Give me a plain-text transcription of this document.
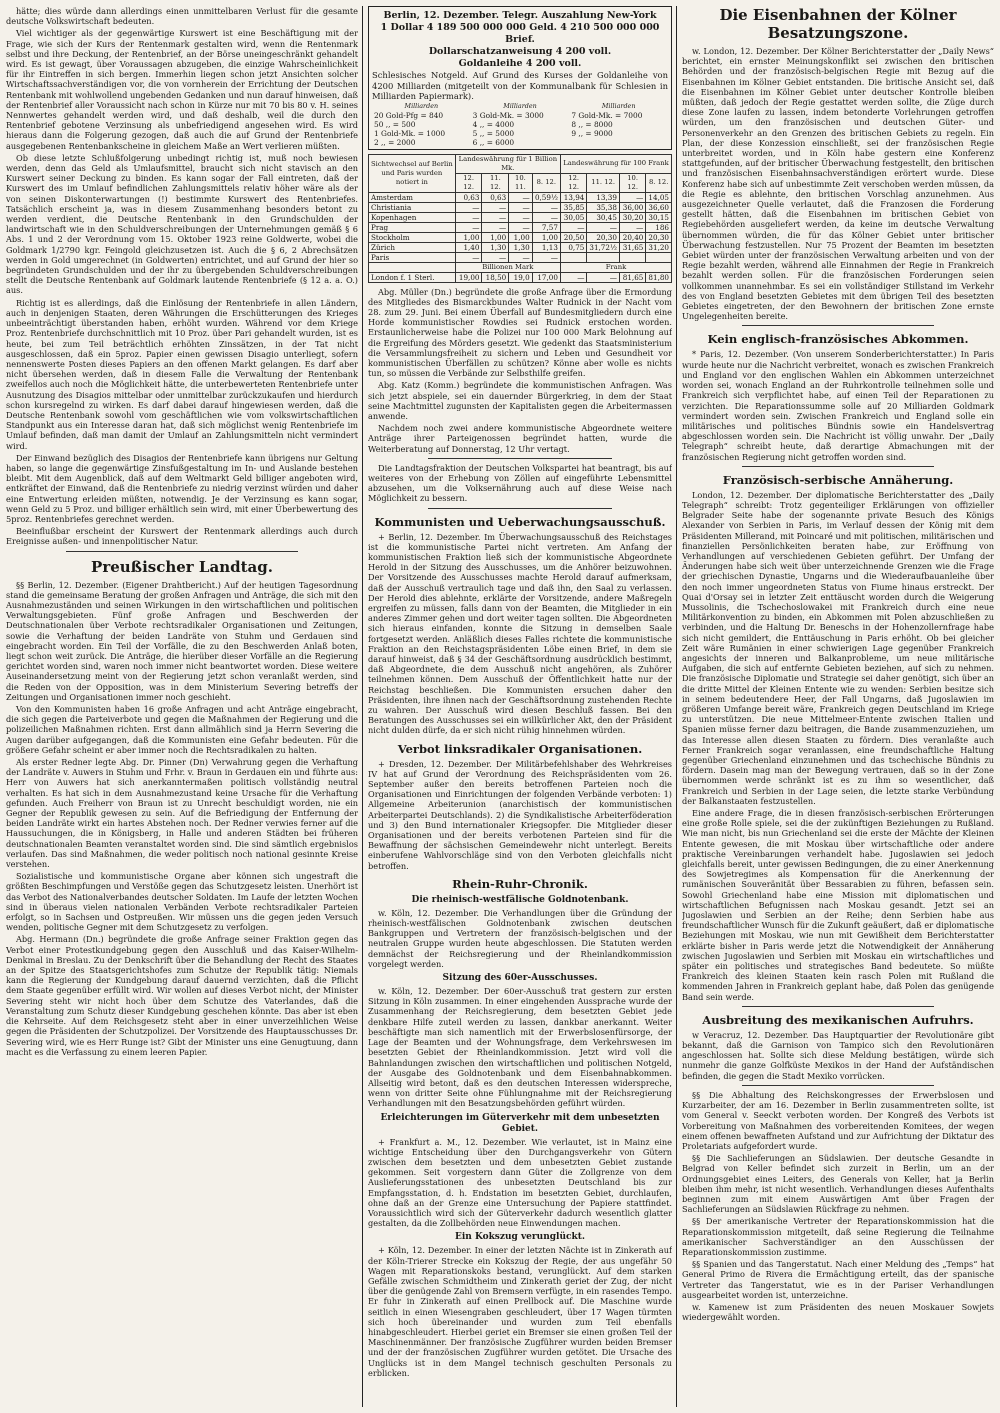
hätte; dies würde dann allerdings einen unmittelbaren Verlust für die gesamte deutsche Volkswirtschaft bedeuten.

Viel wichtiger als der gegenwärtige Kurswert ist eine Beschäftigung mit der Frage, wie sich der Kurs der Rentenmark gestalten wird, wenn die Rentenmark selbst und ihre Deckung, der Rentenbrief, an der Börse uneingeschränkt gehandelt wird. Es ist gewagt, über Voraussagen abzugeben, die einzige Wahrscheinlichkeit für ihr Eintreffen in sich bergen. Immerhin liegen schon jetzt Ansichten solcher Wirtschaftssachverständigen vor, die von vornherein der Errichtung der Deutschen Rentenbank mit wohlwollend ungebenden Gedanken und nun darauf hinweisen, daß der Rentenbrief aller Voraussicht nach schon in Kürze nur mit 70 bis 80 v. H. seines Nennwertes gehandelt werden wird, und daß deshalb, weil die durch den Rentenbrief gebotene Verzinsung als unbefriedigend angesehen wird. Es wird hieraus dann die Folgerung gezogen, daß auch die auf Grund der Rentenbriefe ausgegebenen Rentenbankscheine in gleichem Maße an Wert verlieren müßten.

Ob diese letzte Schlußfolgerung unbedingt richtig ist, muß noch bewiesen werden, denn das Geld als Umlaufsmittel, braucht sich nicht stavisch an den Kurswert seiner Deckung zu binden. Es kann sogar der Fall eintreten, daß der Kurswert des im Umlauf befindlichen Zahlungsmittels relativ höher wäre als der von seinen Diskonterwartungen (!) bestimmte Kurswert des Rentenbriefes. Tatsächlich erscheint ja, was in diesem Zusammenhang besonders betont zu werden verdient, die Deutsche Rentenbank in den Grundschulden der landwirtschaft wie in den Schuldverschreibungen der Unternehmungen gemäß § 6 Abs. 1 und 2 der Verordnung vom 15. Oktober 1923 reine Goldwerte, wobei die Goldmark 1/2790 kgr. Feingold gleichzusetzen ist. Auch die § 6, 2 Abrechsätzen werden in Gold umgerechnet (in Goldwerten) entrichtet, und auf Grund der hier so begründeten Grundschulden und der ihr zu übergebenden Schuldverschreibungen stellt die Deutsche Rentenbank auf Goldmark lautende Rentenbriefe (§ 12 a. a. O.) aus.

Richtig ist es allerdings, daß die Einlösung der Rentenbriefe in allen Ländern, auch in denjenigen Staaten, deren Währungen die Erschütterungen des Krieges unbeeinträchtigt überstanden haben, erhöht wurden. Während vor dem Kriege Proz. Rentenbriefe durchschnittlich mit 10 Proz. über Pari gehandelt wurden, ist es heute, bei zum Teil beträchtlich erhöhten Zinssätzen, in der Tat nicht ausgeschlossen, daß ein 5proz. Papier einen gewissen Disagio unterliegt, sofern nennenswerte Posten dieses Papiers an den offenen Markt gelangen. Es darf aber nicht übersehen werden, daß in diesem Falle die Verwaltung der Rentenbank zweifellos auch noch die Möglichkeit hätte, die unterbewerteten Rentenbriefe unter Ausnutzung des Disagios mittelbar oder unmittelbar zurückzukaufen und hierdurch schon kursregelnd zu wirken. Es darf dabei darauf hingewiesen werden, daß die Deutsche Rentenbank sowohl vom geschäftlichen wie vom volkswirtschaftlichen Standpunkt aus ein Interesse daran hat, daß sich möglichst wenig Rentenbriefe im Umlauf befinden, daß man damit der Umlauf an Zahlungsmitteln nicht vermindert wird.

Der Einwand bezüglich des Disagios der Rentenbriefe kann übrigens nur Geltung haben, so lange die gegenwärtige Zinsfußgestaltung im In- und Auslande bestehen bleibt. Mit dem Augenblick, daß auf dem Weltmarkt Geld billiger angeboten wird, entkräftet der Einwand, daß die Rentenbriefe zu niedrig verzinst würden und daher eine Entwertung erleiden müßten, notwendig. Je der Verzinsung es kann sogar, wenn Geld zu 5 Proz. und billiger erhältlich sein wird, mit einer Überbewertung des 5proz. Rentenbriefes gerechnet werden.

Beeinflußbar erscheint der Kurswert der Rentenmark allerdings auch durch Ereignisse außen- und innenpolitischer Natur.

Preußischer Landtag.

§§ Berlin, 12. Dezember. (Eigener Drahtbericht.) Auf der heutigen Tagesordnung stand die gemeinsame Beratung der großen Anfragen und Anträge, die sich mit den Ausnahmezuständen und seinen Wirkungen in den wirtschaftlichen und politischen Verwaltungsgebieten. Fünf große Anfragen und Beschwerden der Deutschnationalen über Verbote rechtsradikaler Organisationen und Zeitungen, sowie die Verhaftung der beiden Landräte von Stuhm und Gerdauen sind eingebracht worden. Ein Teil der Vorfälle, die zu den Beschwerden Anlaß boten, liegt schon weit zurück. Die Anträge, die hierüber dieser Vorfälle an die Regierung gerichtet worden sind, waren noch immer nicht beantwortet worden. Diese weitere Auseinandersetzung meint von der Regierung jetzt schon veranlaßt werden, sind die Reden von der Opposition, was in dem Ministerium Severing betreffs der Zeitungen und Organisationen immer noch geschieht.

Von den Kommunisten haben 16 große Anfragen und acht Anträge eingebracht, die sich gegen die Parteiverbote und gegen die Maßnahmen der Regierung und die polizeilichen Maßnahmen richten. Erst dann allmählich sind ja Herrn Severing die Augen darüber aufgegangen, daß die Kommunisten eine Gefahr bedeuten. Für die größere Gefahr scheint er aber immer noch die Rechtsradikalen zu halten.

Als erster Redner legte Abg. Dr. Pinner (Dn) Verwahrung gegen die Verhaftung der Landräte v. Auwers in Stuhm und Frhr. v. Braun in Gerdauen ein und führte aus: Herr von Auwers hat sich anerkanntermaßen politisch vollständig neutral verhalten. Es hat sich in dem Ausnahmezustand keine Ursache für die Verhaftung gefunden. Auch Freiherr von Braun ist zu Unrecht beschuldigt worden, nie ein Gegner der Republik gewesen zu sein. Auf die Befriedigung der Entfernung der beiden Landräte wirkt ein hartes Abstehen noch. Der Redner verwies ferner auf die Haussuchungen, die in Königsberg, in Halle und anderen Städten bei früheren deutschnationalen Beamten veranstaltet worden sind. Die sind sämtlich ergebnislos verlaufen. Das sind Maßnahmen, die weder politisch noch national gesinnte Kreise verstehen.

Sozialistische und kommunistische Organe aber können sich ungestraft die größten Beschimpfungen und Verstöße gegen das Schutzgesetz leisten. Unerhört ist das Verbot des Nationalverbandes deutscher Soldaten. Im Laufe der letzten Wochen sind in überaus vielen nationalen Verbänden Verbote rechtsradikaler Parteien erfolgt, so in Sachsen und Ostpreußen. Wir müssen uns die gegen jeden Versuch wenden, politische Gegner mit dem Schutzgesetz zu verfolgen.

Abg. Hermann (Dn.) begründete die große Anfrage seiner Fraktion gegen das Verbot einer Protestkundgebung gegen den Ausschluß und das Kaiser-Wilhelm-Denkmal in Breslau. Zu der Denkschrift über die Behandlung der Recht des Staates an der Spitze des Staatsgerichtshofes zum Schutze der Republik tätig: Niemals kann die Regierung der Kundgebung darauf dauernd verzichten, daß die Pflicht dem Staate gegenüber erfüllt wird. Wir wollen auf dieses Verbot nicht, der Minister Severing steht wir nicht hoch über dem Schutze des Vaterlandes, daß die Veranstaltung zum Schutz dieser Kundgebung geschehen könnte. Das aber ist eben die Kehrseite. Auf dem Reichsgesetz steht aber in einer unverzeihlichen Weise gegen die Präsidenten der Schutzpolizei. Der Vorsitzende des Hauptausschusses Dr. Severing wird, wie es Herr Runge ist? Gibt der Minister uns eine Genugtuung, dann macht es die Verfassung zu einem leeren Papier.

Berlin, 12. Dezember. Telegr. Auszahlung New-York

1 Dollar 4 189 500 000 000 Geld. 4 210 500 000 000 Brief.

Dollarschatzanweisung 4 200 voll.

Goldanleihe 4 200 voll.

Schlesisches Notgeld. Auf Grund des Kurses der Goldanleihe von 4200 Milliarden (mitgeteilt von der Kommunalbank für Schlesien in Milliarden Papiermark).

Milliarden	Milliarden	Milliarden
20 Gold-Pfg = 840	3 Gold-Mk. = 3000	7 Gold-Mk. = 7000
50 ,, = 500	4 ,, = 4000	8 ,, = 8000
1 Gold-Mk. = 1000	5 ,, = 5000	9 ,, = 9000
2 ,, = 2000	6 ,, = 6000	
Sichtwechsel auf Berlin und Paris wurden notiert in	Landeswährung für 1 Billion Mk.				Landeswährung für 100 Frank			
	12. 12.	11. 12.	10. 11.	8. 12.	12. 12.	11. 12.	10. 12.	8. 12.
Amsterdam	0,63	0,63	—	0,59½	13,94	13,39	—	14,05
Christiania	—	—	—	—	35,85	35,38	36,00	36,60
Kopenhagen	—	—	—	—	30,05	30,45	30,20	30,15
Prag	—	—	—	7,57	—	—	—	186
Stockholm	1,00	1,00	1,00	1,00	20,50	20,30	20,40	20,30
Zürich	1,40	1,30	1,30	1,13	0,75	31,72½	31,65	31,20
Paris	—	—	—	—				
	Billionen Mark				Frank			
London f. 1 Sterl.	19,00	18,50	19,0	17,00	—	—	81,65	81,80

Abg. Müller (Dn.) begründete die große Anfrage über die Ermordung des Mitgliedes des Bismarckbundes Walter Rudnick in der Nacht vom 28. zum 29. Juni. Bei einem Überfall auf Bundesmitgliedern durch eine Horde kommunistischer Rowdies sei Rudnick erstochen worden. Erstaunlicherweise habe die Polizei nur 100 000 Mark Belohnung auf die Ergreifung des Mörders gesetzt. Wie gedenkt das Staatsministerium die Versammlungsfreiheit zu sichern und Leben und Gesundheit vor kommunistischen Überfällen zu schützen? Könne aber wolle es nichts tun, so müssen die Verbände zur Selbsthilfe greifen.

Abg. Katz (Komm.) begründete die kommunistischen Anfragen. Was sich jetzt abspiele, sei ein dauernder Bürgerkrieg, in dem der Staat seine Machtmittel zugunsten der Kapitalisten gegen die Arbeitermassen anwende.

Nachdem noch zwei andere kommunistische Abgeordnete weitere Anträge ihrer Parteigenossen begründet hatten, wurde die Weiterberatung auf Donnerstag, 12 Uhr vertagt.

Die Landtagsfraktion der Deutschen Volkspartei hat beantragt, bis auf weiteres von der Erhebung von Zöllen auf eingeführte Lebensmittel abzusehen, um die Volksernährung auch auf diese Weise nach Möglichkeit zu bessern.

Kommunisten und Ueberwachungsausschuß.

+ Berlin, 12. Dezember. Im Überwachungsausschuß des Reichstages ist die kommunistische Partei nicht vertreten. Am Anfang der kommunistischen Fraktion ließ sich der kommunistische Abgeordnete Herold in der Sitzung des Ausschusses, um die Anhörer beizuwohnen. Der Vorsitzende des Ausschusses machte Herold darauf aufmerksam, daß der Ausschuß vertraulich tage und daß ihn, den Saal zu verlassen. Der Herold dies ablehnte, erklärte der Vorsitzende, andere Maßregeln ergreifen zu müssen, falls dann von der Beamten, die Mitglieder in ein anderes Zimmer gehen und dort weiter tagen sollten. Die Abgeordneten sich hieraus einfanden, konnte die Sitzung in demselben Saale fortgesetzt werden. Anläßlich dieses Falles richtete die kommunistische Fraktion an den Reichstagspräsidenten Löbe einen Brief, in dem sie darauf hinweist, daß § 34 der Geschäftsordnung ausdrücklich bestimmt, daß Abgeordnete, die dem Ausschuß nicht angehören, als Zuhörer teilnehmen können. Dem Ausschuß der Öffentlichkeit hatte nur der Reichstag beschließen. Die Kommunisten ersuchen daher den Präsidenten, ihre ihnen nach der Geschäftsordnung zustehenden Rechte zu wahren. Der Ausschuß wird diesen Beschluß fassen. Bei den Beratungen des Ausschusses sei ein willkürlicher Akt, den der Präsident nicht dulden dürfe, da er sich nicht rühig hinnehmen würden.

Verbot linksradikaler Organisationen.

+ Dresden, 12. Dezember. Der Militärbefehlshaber des Wehrkreises IV hat auf Grund der Verordnung des Reichspräsidenten vom 26. September außer den bereits betroffenen Parteien noch die Organisationen und Einrichtungen der folgenden Verbände verboten: 1) Allgemeine Arbeiterunion (anarchistisch der kommunistischen Arbeiterpartei Deutschlands). 2) die Syndikalistische Arbeiterföderation und 3) den Bund internationaler Kriegsopfer. Die Mitglieder dieser Organisationen und der bereits verbotenen Parteien sind für die Bewaffnung der sächsischen Gemeindewehr nicht unterlegt. Bereits einberufene Wahlvorschläge sind von den Verboten gleichfalls nicht betroffen.

Rhein-Ruhr-Chronik.
Die rheinisch-westfälische Goldnotenbank.

w. Köln, 12. Dezember. Die Verhandlungen über die Gründung der rheinisch-westfälischen Goldnotenbank zwischen deutschen Bankgruppen und Vertretern der französisch-belgischen und der neutralen Gruppe wurden heute abgeschlossen. Die Statuten werden demnächst der Reichsregierung und der Rheinlandkommission vorgelegt werden.

Sitzung des 60er-Ausschusses.

w. Köln, 12. Dezember. Der 60er-Ausschuß trat gestern zur ersten Sitzung in Köln zusammen. In einer eingehenden Aussprache wurde der Zusammenhang der Reichsregierung, dem besetzten Gebiet jede denkbare Hilfe zuteil werden zu lassen, dankbar anerkannt. Weiter beschäftigte man sich namentlich mit der Erwerbslosenfürsorge, der Lage der Beamten und der Wohnungsfrage, dem Verkehrswesen im besetzten Gebiet der Rheinlandkommission. Jetzt wird voll die Bahnlandungen zwischen den wirtschaftlichen und politischen Notgeld, der Ausgabe des Goldnotenbank und dem Eisenbahnabkommen. Allseitig wird betont, daß es den deutschen Interessen widerspreche, wenn von dritter Seite ohne Fühlungnahme mit der Reichsregierung Verhandlungen mit den Besatzungsbehörden geführt würden.

Erleichterungen im Güterverkehr mit dem unbesetzten Gebiet.

+ Frankfurt a. M., 12. Dezember. Wie verlautet, ist in Mainz eine wichtige Entscheidung über den Durchgangsverkehr von Gütern zwischen dem besetzten und dem unbesetzten Gebiet zustande gekommen. Seit vorgestern dann Güter die Zollgrenze von dem Auslieferungsstationen des unbesetzten Deutschland bis zur Empfangsstation, d. h. Endstation im besetzten Gebiet, durchlaufen, ohne daß an der Grenze eine Untersuchung der Papiere stattfindet. Voraussichtlich wird sich der Güterverkehr dadurch wesentlich glatter gestalten, da die Zollbehörden neue Einwendungen machen.

Ein Kokszug verunglückt.

+ Köln, 12. Dezember. In einer der letzten Nächte ist in Zinkerath auf der Köln-Trierer Strecke ein Kokszug der Regie, der aus ungefähr 50 Wagen mit Reparationskoks bestand, verunglückt. Auf dem starken Gefälle zwischen Schmidtheim und Zinkerath geriet der Zug, der nicht über die genügende Zahl von Bremsern verfügte, in ein rasendes Tempo. Er fuhr in Zinkerath auf einen Prellbock auf. Die Maschine wurde seitlich in einen Wiesengraben geschleudert, über 17 Wagen türmten sich hoch übereinander und wurden zum Teil ebenfalls hinabgeschleudert. Hierbei geriet ein Bremser sie einen großen Teil der Maschinenmänner. Der französische Zugführer wurden beiden Bremser und der der französischen Zugführer wurden getötet. Die Ursache des Unglücks ist in dem Mangel technisch geschulten Personals zu erblicken.

Die Eisenbahnen der Kölner Besatzungszone.

w. London, 12. Dezember. Der Kölner Berichterstatter der „Daily News“ berichtet, ein ernster Meinungskonflikt sei zwischen den britischen Behörden und der französisch-belgischen Regie mit Bezug auf die Eisenbahnen im Kölner Gebiet entstanden. Die britische Ansicht sei, daß die Eisenbahnen im Kölner Gebiet unter deutscher Kontrolle bleiben müßten, daß jedoch der Regie gestattet werden sollte, die Züge durch diese Zone laufen zu lassen, indem betonderte Vorlehrungen getroffen würden, um den französischen und deutschen Güter- und Personenverkehr an den Grenzen des britischen Gebiets zu regeln. Ein Plan, der diese Konzession einschließt, sei der französischen Regie unterbreitet worden, und in Köln habe gestern eine Konferenz stattgefunden, auf der britischer Überwachung festgestellt, den britischen und französischen Eisenbahnsachverständigen erörtert wurde. Diese Konferenz habe sich auf unbestimmte Zeit verschoben werden müssen, da die Regie es ablehnte, den britischen Vorschlag anzunehmen. Aus ausgezeichneter Quelle verlautet, daß die Franzosen die Forderung gestellt hätten, daß die Eisenbahnen im britischen Gebiet von Regiebehörden ausgeliefert werden, da keine im deutsche Verwaltung übernommen würden, die für das Kölner Gebiet unter britischer Überwachung festzustellen. Nur 75 Prozent der Beamten im besetzten Gebiet würden unter der französischen Verwaltung arbeiten und von der Regie bezahlt werden, während alle Einnahmen der Regie in Frankreich bezahlt werden sollen. Für die französischen Forderungen seien vollkommen unannehmbar. Es sei ein vollständiger Stillstand im Verkehr des von England besetzten Gebietes mit dem übrigen Teil des besetzten Gebietes eingetreten, der den Bewohnern der britischen Zone ernste Ungelegenheiten bereite.

Kein englisch-französisches Abkommen.

* Paris, 12. Dezember. (Von unserem Sonderberichterstatter.) In Paris wurde heute nur die Nachricht verbreitet, wonach es zwischen Frankreich und England vor den englischen Wahlen ein Abkommen unterzeichnet worden sei, wonach England an der Ruhrkontrolle teilnehmen solle und Frankreich sich verpflichtet habe, auf einen Teil der Reparationen zu verzichten. Die Reparationssumme solle auf 20 Milliarden Goldmark vermindert worden sein. Zwischen Frankreich und England solle ein militärisches und politisches Bündnis sowie ein Handelsvertrag abgeschlossen worden sein. Die Nachricht ist völlig unwahr. Der „Daily Telegraph“ schreibt heute, daß derartige Abmachungen mit der französischen Regierung nicht getroffen worden sind.

Französisch-serbische Annäherung.

London, 12. Dezember. Der diplomatische Berichterstatter des „Daily Telegraph“ schreibt: Trotz gegenteiliger Erklärungen von offizieller Belgrader Seite habe der sogenannte private Besuch des Königs Alexander von Serbien in Paris, im Verlauf dessen der König mit dem Präsidenten Millerand, mit Poincaré und mit politischen, militärischen und finanziellen Persönlichkeiten beraten habe, zur Eröffnung von Verhandlungen auf verschiedenen Gebieten geführt. Der Umfang der Änderungen habe sich weit über unterzeichnende Grenzen wie die Frage der griechischen Dynastie, Ungarns und die Wiederaufbauanleihe über den noch immer ungeordneten Status von Fiume hinaus erstreckt. Der Quai d'Orsay sei in letzter Zeit enttäuscht worden durch die Weigerung Mussolinis, die Tschechoslowakei mit Frankreich durch eine neue Militärkonvention zu binden, ein Abkommen mit Polen abzuschließen zu verbinden, und die Haltung Dr. Beneschs in der Hohenzollernfrage habe sich nicht gemildert, die Enttäuschung in Paris erhöht. Ob bei gleicher Zeit wäre Rumänien in einer schwierigen Lage gegenüber Frankreich angesichts der inneren und Balkanprobleme, um neue militärische Aufgaben, die sich auf entfernte Gebieten beziehen, auf sich zu nehmen. Die französische Diplomatie und Strategie sei daher genötigt, sich über an die dritte Mittel der Kleinen Entente wie zu wenden: Serbien besitze sich in seinem bedeutendere Heer, der Fall Ungarns, daß Jugoslawien im größeren Umfange bereit wäre, Frankreich gegen Deutschland im Kriege zu unterstützen. Die neue Mittelmeer-Entente zwischen Italien und Spanien müsse ferner dazu beitragen, die Bande zusammenzuziehen, um das Interesse allen diesen Staaten zu fördern. Dies veranlaßte auch Ferner Frankreich sogar veranlassen, eine freundschaftliche Haltung gegenüber Griechenland einzunehmen und das tschechische Bündnis zu fördern. Dasein mag man der Bewegung vertrauen, daß so in der Zone übernommen werde schränkt ist es zu ihm so wesentlicher, daß Frankreich und Serbien in der Lage seien, die letzte starke Verbündung der Balkanstaaten festzustellen.

Eine andere Frage, die in diesen französisch-serbischen Erörterungen eine große Rolle spiele, sei die der zukünftigen Beziehungen zu Rußland. Wie man nicht, bis nun Griechenland sei die erste der Mächte der Kleinen Entente gewesen, die mit Moskau über wirtschaftliche oder andere praktische Vereinbarungen verhandelt habe. Jugoslawien sei jedoch gleichfalls bereit, unter gewissen Bedingungen, die zu einer Anerkennung des Sowjetregimes als Kompensation für die Anerkennung der rumänischen Souveränität über Bessarabien zu führen, befassen sein. Sowohl Griechenland habe eine Mission mit diplomatischen und wirtschaftlichen Befugnissen nach Moskau gesandt. Jetzt sei an Jugoslawien und Serbien an der Reihe; denn Serbien habe aus freundschaftlicher Wunsch für die Zukunft geäußert, daß er diplomatische Beziehungen mit Moskau, wie nun mit Gewißheit dem Berichterstatter erklärte bisher in Paris werde jetzt die Notwendigkeit der Annäherung zwischen Jugoslawien und Serbien mit Moskau ein wirtschaftliches und später ein politisches und strategisches Band bedeutete. So müßte Frankreich des kleinen Staaten kein rasch Polen mit Rußland die kommenden Jahren in Frankreich geplant habe, daß Polen das genügende Band sein werde.

Ausbreitung des mexikanischen Aufruhrs.

w Veracruz, 12. Dezember. Das Hauptquartier der Revolutionäre gibt bekannt, daß die Garnison von Tampico sich den Revolutionären angeschlossen hat. Sollte sich diese Meldung bestätigen, würde sich nunmehr die ganze Golfküste Mexikos in der Hand der Aufständischen befinden, die gegen die Stadt Mexiko vorrücken.

§§ Die Abhaltung des Reichskongresses der Erwerbslosen und Kurzarbeiter, der am 16. Dezember in Berlin zusammentreten sollte, ist vom General v. Seeckt verboten worden. Der Kongreß des Verbots ist Vorbereitung von Maßnahmen des vorbereitenden Komitees, der wegen einem offenen bewaffneten Aufstand und zur Aufrichtung der Diktatur des Proletariats aufgefordert wurde.

§§ Die Sachlieferungen an Südslawien. Der deutsche Gesandte in Belgrad von Keller befindet sich zurzeit in Berlin, um an der Ordnungsgebiet eines Leiters, des Generals von Keller, hat ja Berlin bleiben ihm mehr, ist nicht wesentlich. Verhandlungen dieses Aufenthalts beginnen zum mit einem Auswärtigen Amt über Fragen der Sachlieferungen an Südslawien Rückfrage zu nehmen.

§§ Der amerikanische Vertreter der Reparationskommission hat die Reparationskommission mitgeteilt, daß seine Regierung die Teilnahme amerikanischer Sachverständiger an den Ausschüssen der Reparationskommission zustimme.

§§ Spanien und das Tangerstatut. Nach einer Meldung des „Temps“ hat General Primo de Rivera die Ermächtigung erteilt, das der spanische Vertreter das Tangerstatut, wie es in der Pariser Verhandlungen ausgearbeitet worden ist, unterzeichne.

w. Kamenew ist zum Präsidenten des neuen Moskauer Sowjets wiedergewählt worden.
